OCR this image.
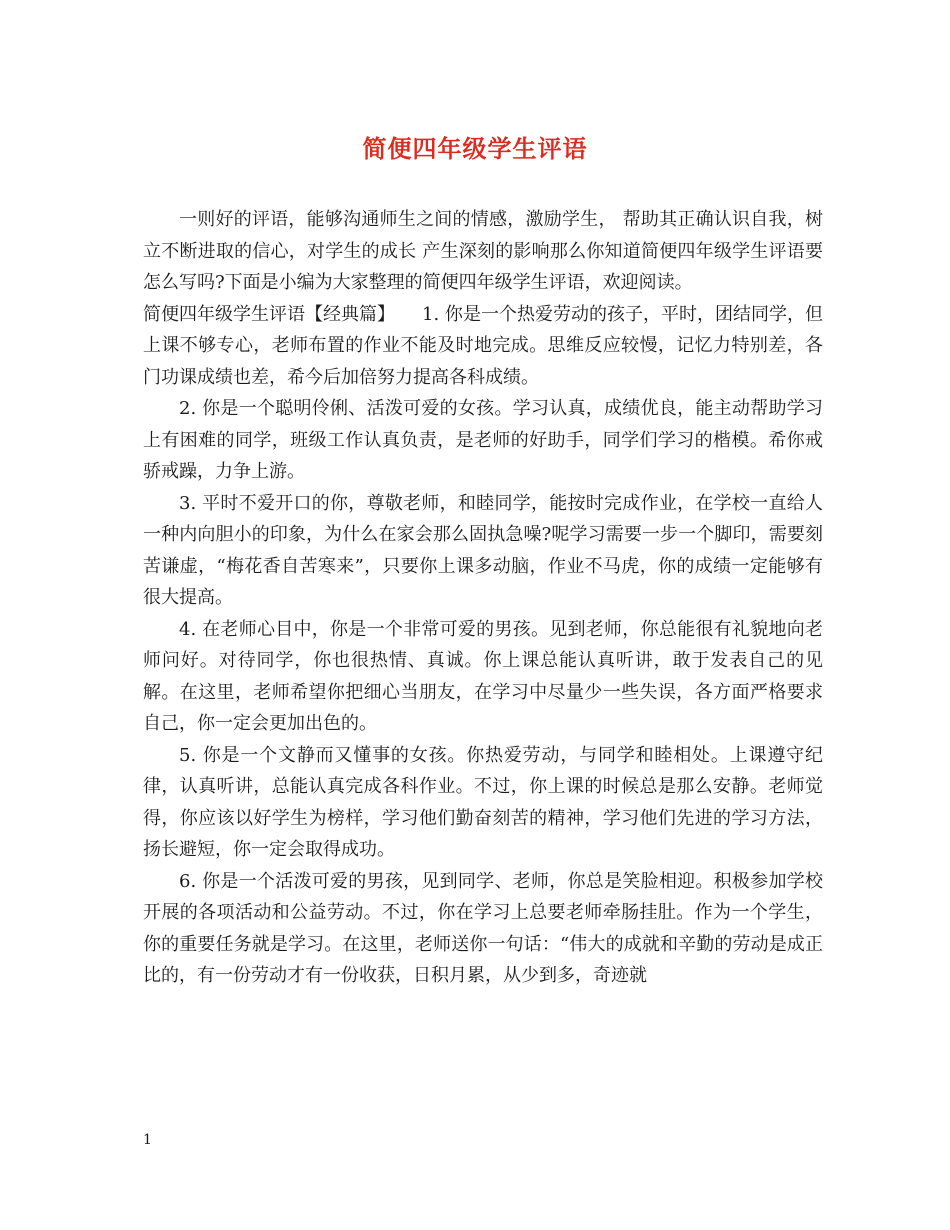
简便四年级学生评语

一则好的评语，能够沟通师生之间的情感，激励学生， 帮助其正确认识自我，树立不断进取的信心，对学生的成长 产生深刻的影响那么你知道简便四年级学生评语要怎么写吗?下面是小编为大家整理的简便四年级学生评语，欢迎阅读。

简便四年级学生评语【经典篇】　　1. 你是一个热爱劳动的孩子，平时，团结同学，但上课不够专心，老师布置的作业不能及时地完成。思维反应较慢，记忆力特别差，各门功课成绩也差，希今后加倍努力提高各科成绩。

2. 你是一个聪明伶俐、活泼可爱的女孩。学习认真，成绩优良，能主动帮助学习上有困难的同学，班级工作认真负责，是老师的好助手，同学们学习的楷模。希你戒骄戒躁，力争上游。

3. 平时不爱开口的你，尊敬老师，和睦同学，能按时完成作业，在学校一直给人一种内向胆小的印象，为什么在家会那么固执急噪?呢学习需要一步一个脚印，需要刻苦谦虚，“梅花香自苦寒来”，只要你上课多动脑，作业不马虎，你的成绩一定能够有很大提高。

4. 在老师心目中，你是一个非常可爱的男孩。见到老师，你总能很有礼貌地向老师问好。对待同学，你也很热情、真诚。你上课总能认真听讲，敢于发表自己的见解。在这里，老师希望你把细心当朋友，在学习中尽量少一些失误，各方面严格要求自己，你一定会更加出色的。

5. 你是一个文静而又懂事的女孩。你热爱劳动，与同学和睦相处。上课遵守纪律，认真听讲，总能认真完成各科作业。不过，你上课的时候总是那么安静。老师觉得，你应该以好学生为榜样，学习他们勤奋刻苦的精神，学习他们先进的学习方法，扬长避短，你一定会取得成功。

6. 你是一个活泼可爱的男孩，见到同学、老师，你总是笑脸相迎。积极参加学校开展的各项活动和公益劳动。不过，你在学习上总要老师牵肠挂肚。作为一个学生，你的重要任务就是学习。在这里，老师送你一句话：“伟大的成就和辛勤的劳动是成正比的，有一份劳动才有一份收获，日积月累，从少到多，奇迹就

1
